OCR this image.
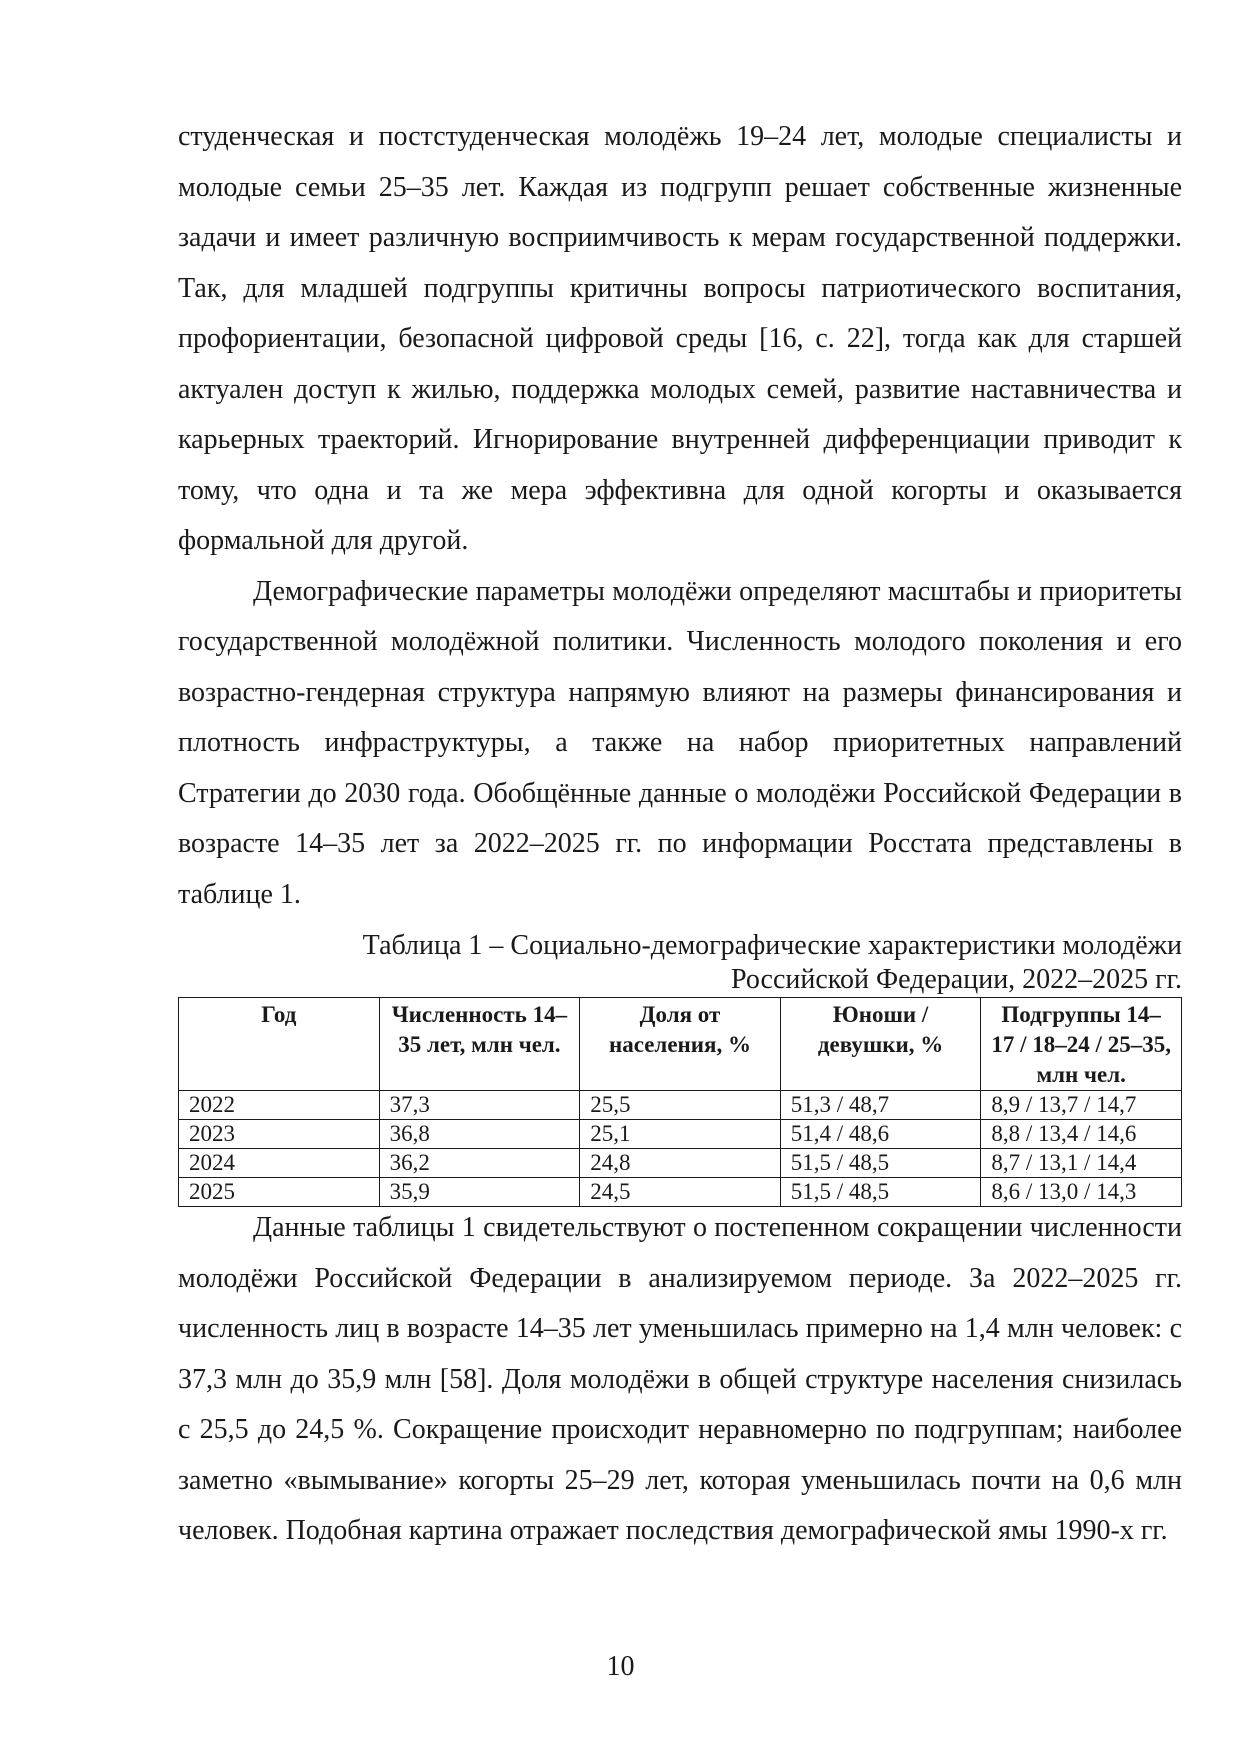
студенческая и постстуденческая молодёжь 19–24 лет, молодые специалисты и молодые семьи 25–35 лет. Каждая из подгрупп решает собственные жизненные задачи и имеет различную восприимчивость к мерам государственной поддержки. Так, для младшей подгруппы критичны вопросы патриотического воспитания, профориентации, безопасной цифровой среды [16, с. 22], тогда как для старшей актуален доступ к жилью, поддержка молодых семей, развитие наставничества и карьерных траекторий. Игнорирование внутренней дифференциации приводит к тому, что одна и та же мера эффективна для одной когорты и оказывается формальной для другой.

Демографические параметры молодёжи определяют масштабы и приоритеты государственной молодёжной политики. Численность молодого поколения и его возрастно-гендерная структура напрямую влияют на размеры финансирования и плотность инфраструктуры, а также на набор приоритетных направлений Стратегии до 2030 года. Обобщённые данные о молодёжи Российской Федерации в возрасте 14–35 лет за 2022–2025 гг. по информации Росстата представлены в таблице 1.

Таблица 1 – Социально-демографические характеристики молодёжи
Российской Федерации, 2022–2025 гг.
Год	Численность 14–35 лет, млн чел.	Доля от населения, %	Юноши / девушки, %	Подгруппы 14–17 / 18–24 / 25–35, млн чел.
2022	37,3	25,5	51,3 / 48,7	8,9 / 13,7 / 14,7
2023	36,8	25,1	51,4 / 48,6	8,8 / 13,4 / 14,6
2024	36,2	24,8	51,5 / 48,5	8,7 / 13,1 / 14,4
2025	35,9	24,5	51,5 / 48,5	8,6 / 13,0 / 14,3

Данные таблицы 1 свидетельствуют о постепенном сокращении численности молодёжи Российской Федерации в анализируемом периоде. За 2022–2025 гг. численность лиц в возрасте 14–35 лет уменьшилась примерно на 1,4 млн человек: с 37,3 млн до 35,9 млн [58]. Доля молодёжи в общей структуре населения снизилась с 25,5 до 24,5 %. Сокращение происходит неравномерно по подгруппам; наиболее заметно «вымывание» когорты 25–29 лет, которая уменьшилась почти на 0,6 млн человек. Подобная картина отражает последствия демографической ямы 1990-х гг.

10
